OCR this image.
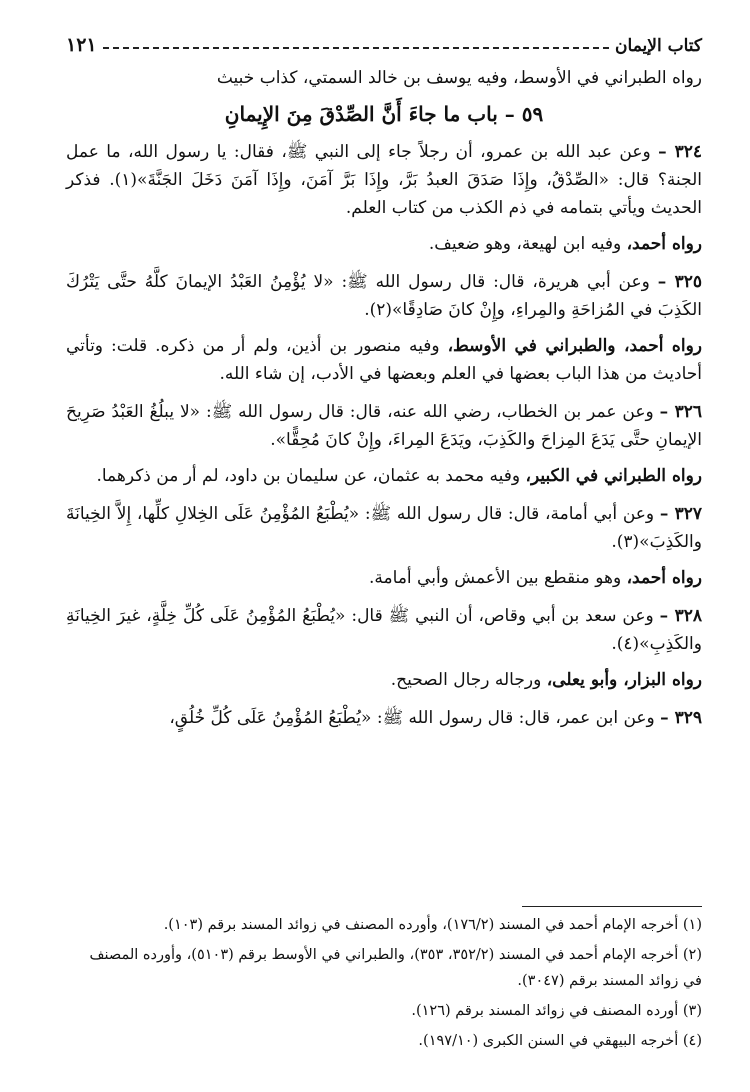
كتاب الإيمان
١٢١

رواه الطبراني في الأوسط، وفيه يوسف بن خالد السمتي، كذاب خبيث

٥٩ – باب ما جاءَ أَنَّ الصِّدْقَ مِنَ الإِيمانِ

٣٢٤ – وعن عبد الله بن عمرو، أن رجلاً جاء إلى النبي ﷺ، فقال: يا رسول الله، ما عمل الجنة؟ قال: «الصِّدْقُ، وإِذَا صَدَقَ العبدُ بَرَّ، وإِذَا بَرَّ آمَنَ، وإِذَا آمَنَ دَخَلَ الجَنَّةَ»(١). فذكر الحديث ويأتي بتمامه في ذم الكذب من كتاب العلم.

رواه أحمد، وفيه ابن لهيعة، وهو ضعيف.

٣٢٥ – وعن أبي هريرة، قال: قال رسول الله ﷺ: «لا يُؤْمِنُ العَبْدُ الإيمانَ كلَّهُ حتَّى يَتْرُكَ الكَذِبَ في المُزاحَةِ والمِراءِ، وإِنْ كانَ صَادِقًا»(٢).

رواه أحمد، والطبراني في الأوسط، وفيه منصور بن أذين، ولم أر من ذكره. قلت: وتأتي أحاديث من هذا الباب بعضها في العلم وبعضها في الأدب، إن شاء الله.

٣٢٦ – وعن عمر بن الخطاب، رضي الله عنه، قال: قال رسول الله ﷺ: «لا يبلُغُ العَبْدُ صَرِيحَ الإيمانِ حتَّى يَدَعَ المِزاحَ والكَذِبَ، ويَدَعَ المِراءَ، وإِنْ كانَ مُحِقًّا».

رواه الطبراني في الكبير، وفيه محمد به عثمان، عن سليمان بن داود، لم أر من ذكرهما.

٣٢٧ – وعن أبي أمامة، قال: قال رسول الله ﷺ: «يُطْبَعُ المُؤْمِنُ عَلَى الخِلالِ كلِّها، إِلاَّ الخِيانَةَ والكَذِبَ»(٣).

رواه أحمد، وهو منقطع بين الأعمش وأبي أمامة.

٣٢٨ – وعن سعد بن أبي وقاص، أن النبي ﷺ قال: «يُطْبَعُ المُؤْمِنُ عَلَى كُلِّ خِلَّةٍ، غيرَ الخِيانَةِ والكَذِبِ»(٤).

رواه البزار، وأبو يعلى، ورجاله رجال الصحيح.

٣٢٩ – وعن ابن عمر، قال: قال رسول الله ﷺ: «يُطْبَعُ المُؤْمِنُ عَلَى كُلِّ خُلُقٍ،

(١) أخرجه الإمام أحمد في المسند (١٧٦/٢)، وأورده المصنف في زوائد المسند برقم (١٠٣).

(٢) أخرجه الإمام أحمد في المسند (٣٥٢/٢، ٣٥٣)، والطبراني في الأوسط برقم (٥١٠٣)، وأورده المصنف في زوائد المسند برقم (٣٠٤٧).

(٣) أورده المصنف في زوائد المسند برقم (١٢٦).

(٤) أخرجه البيهقي في السنن الكبرى (١٩٧/١٠).
